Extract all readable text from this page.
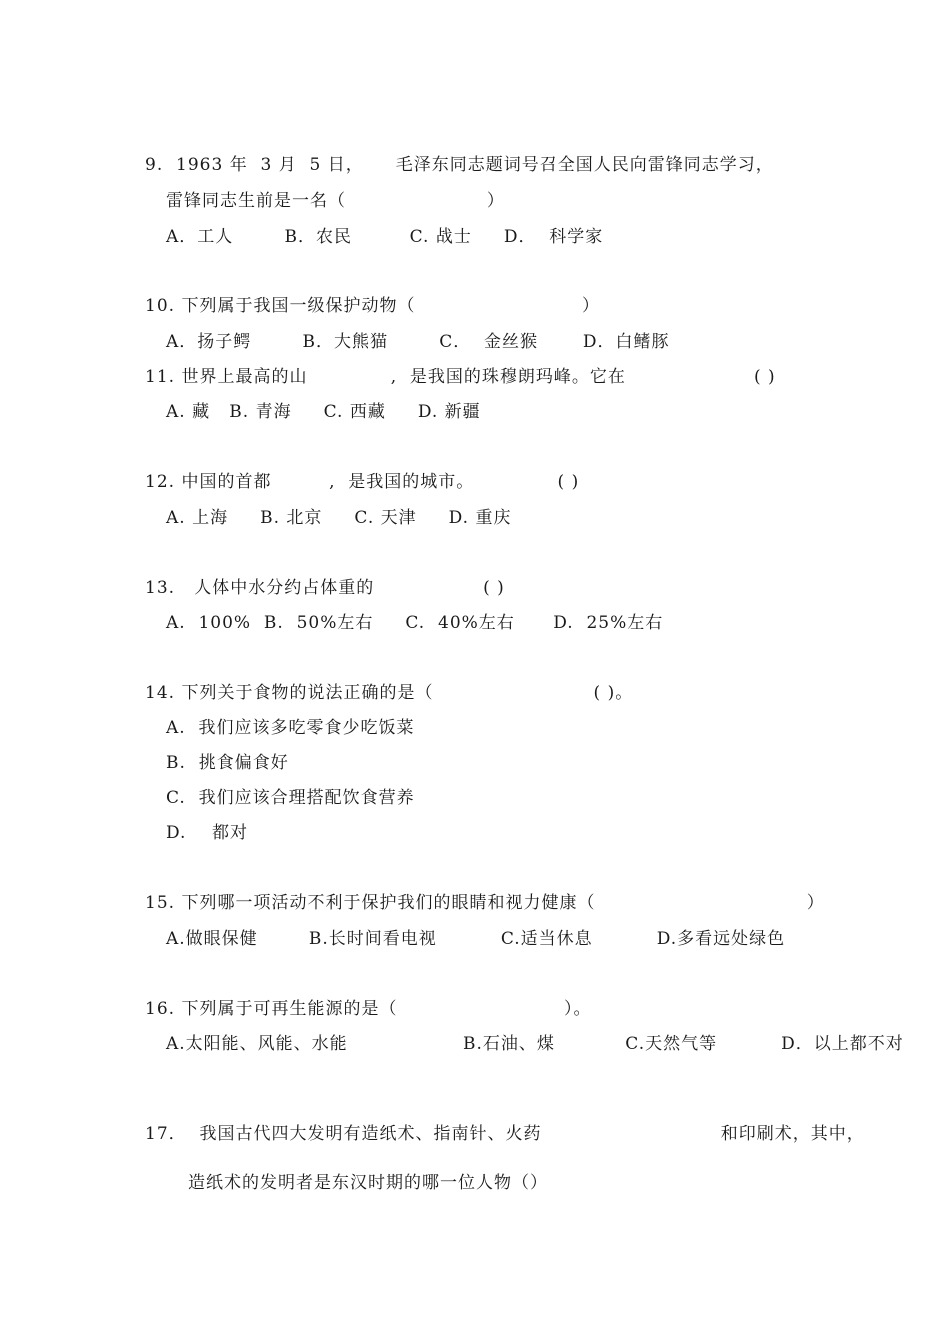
9.  1963 年  3 月  5 日，     毛泽东同志题词号召全国人民向雷锋同志学习，
雷锋同志生前是一名（                      ）
A．工人        B．农民         C. 战士     D．  科学家
10. 下列属于我国一级保护动物（                          ）
A．扬子鳄        B．大熊猫        C．  金丝猴       D．白鳍豚
11. 世界上最高的山             ,  是我国的珠穆朗玛峰。它在                    ( )
A. 藏   B. 青海     C. 西藏     D. 新疆
12. 中国的首都         ,  是我国的城市。             ( )
A. 上海     B. 北京     C. 天津     D. 重庆
13.   人体中水分约占体重的                 ( )
A.  100%  B.  50%左右     C.  40%左右      D.  25%左右
14. 下列关于食物的说法正确的是（                         ( )。
A.  我们应该多吃零食少吃饭菜
B.  挑食偏食好
C.  我们应该合理搭配饮食营养
D.    都对
15. 下列哪一项活动不利于保护我们的眼睛和视力健康（                                 ）
A.做眼保健        B.长时间看电视          C.适当休息          D.多看远处绿色
16. 下列属于可再生能源的是（                          ）。
A.太阳能、风能、水能                  B.石油、煤           C.天然气等          D．以上都不对
17．  我国古代四大发明有造纸术、指南针、火药                            和印刷术，其中，
造纸术的发明者是东汉时期的哪一位人物（）
